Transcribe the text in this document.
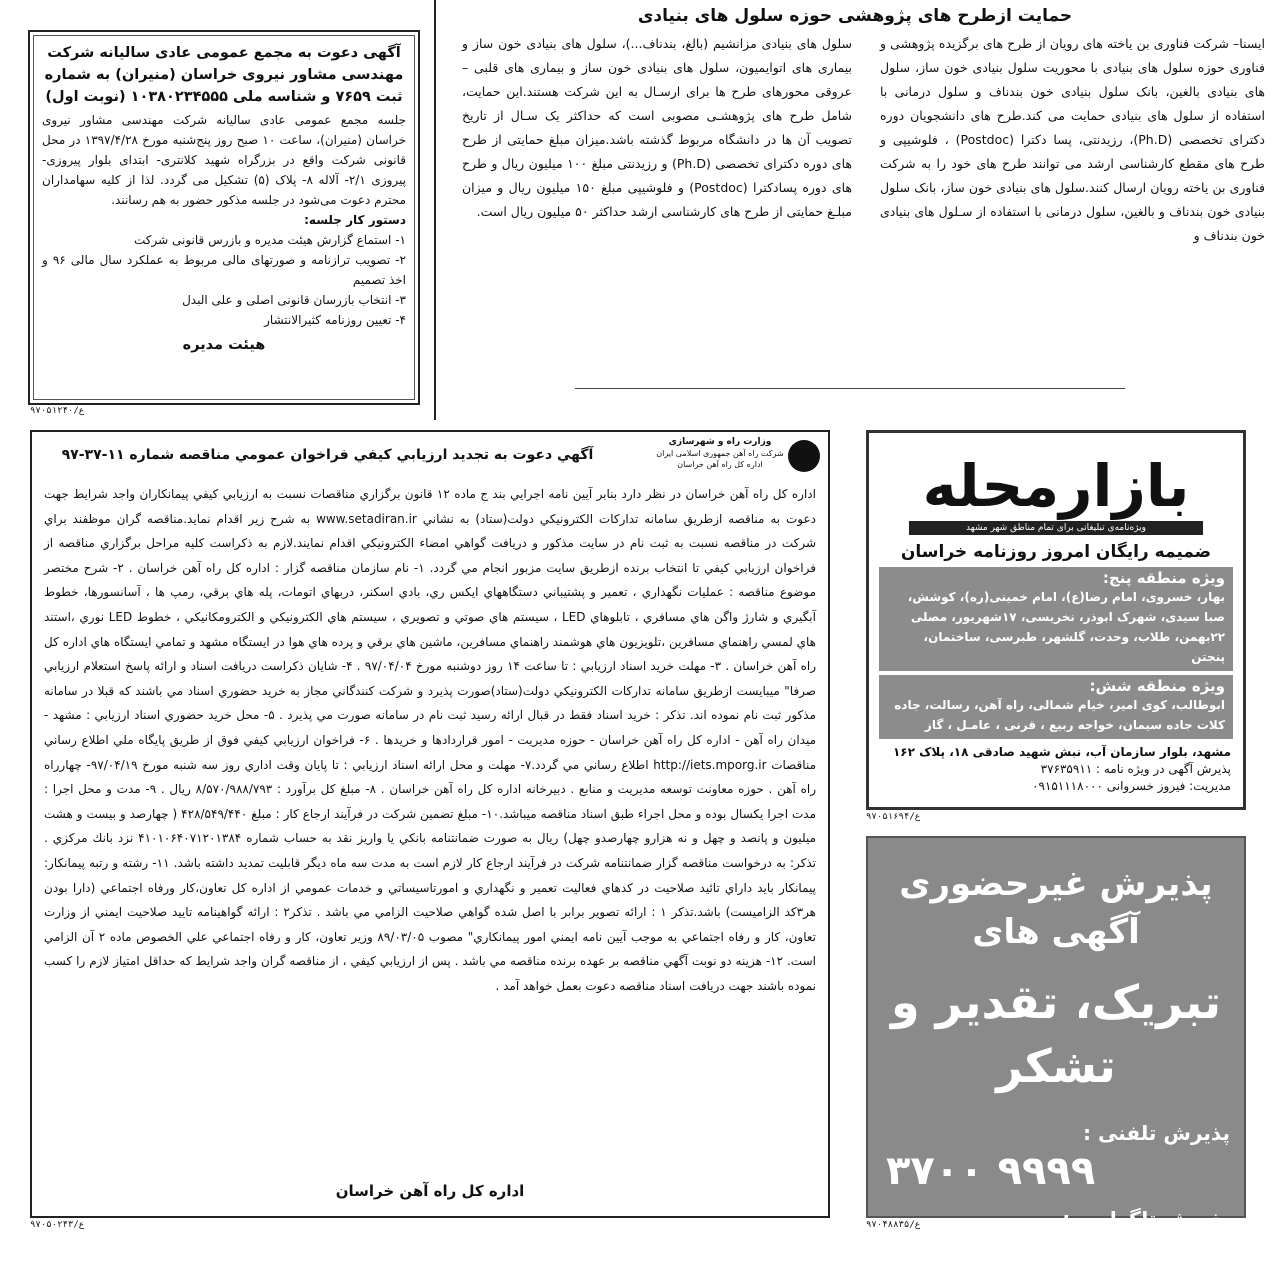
حمایت ازطرح های پژوهشی حوزه سلول های بنیادی
ایسنا– شرکت فناوری بن یاخته های رویان از طرح های برگزیده پژوهشی و فناوری حوزه سلول های بنیادی با محوریت سلول بنیادی خون ساز، سلول های بنیادی بالغین، بانک سلول بنیادی خون بندناف و سلول درمانی با استفاده از سلول های بنیادی حمایت می کند.طرح های دانشجویان دوره دکترای تخصصی (Ph.D)، رزیدنتی، پسا دکترا (Postdoc) ، فلوشیپی و طرح های مقطع کارشناسی ارشد می توانند طرح های خود را به شرکت فناوری بن یاخته رویان ارسال کنند.سلول های بنیادی خون ساز، بانک سلول بنیادی خون بندناف و بالغین، سلول درمانی با استفاده از سـلول های بنیادی خون بندناف و
سلول های بنیادی مزانشیم (بالغ، بندناف...)، سلول های بنیادی خون ساز و بیماری های اتوایمیون، سلول های بنیادی خون ساز و بیماری های قلبی –عروقی محورهای طرح ها برای ارسـال به این شرکت هستند.این حمایت، شامل طرح های پژوهشـی مصوبی است که حداکثر یک سـال از تاریخ تصویب آن ها در دانشگاه مربوط گذشته باشد.میزان مبلغ حمایتی از طرح های دوره دکترای تخصصی (Ph.D) و رزیدنتی مبلغ ۱۰۰ میلیون ریال و طرح های دوره پسادکترا (Postdoc) و فلوشیپی مبلغ ۱۵۰ میلیون ریال و میزان مبلـغ حمایتی از طرح های کارشناسی ارشد حداکثر ۵۰ میلیون ریال است.
آگهی دعوت به مجمع عمومی عادی سالیانه شرکت مهندسی مشاور نیروی خراسان (منیران) به شماره ثبت ۷۶۵۹ و شناسه ملی ۱۰۳۸۰۲۳۴۵۵۵ (نوبت اول)
جلسه مجمع عمومی عادی سالیانه شرکت مهندسی مشاور نیروی خراسان (منیران)، ساعت ۱۰ صبح روز پنج‌شنبه مورخ ۱۳۹۷/۴/۲۸ در محل قانونی شرکت واقع در بزرگراه شهید کلانتری- ابتدای بلوار پیروزی- پیروزی ۲/۱- آلاله ۸- پلاک (۵) تشکیل می گردد. لذا از کلیه سهامداران محترم دعوت می‌شود در جلسه مذکور حضور به هم رسانند.
دستور کار جلسه:
۱- استماع گزارش هیئت مدیره و بازرس قانونی شرکت
۲- تصویب ترازنامه و صورتهای مالی مربوط به عملکرد سال مالی ۹۶ و اخذ تصمیم
۳- انتخاب بازرسان قانونی اصلی و علی البدل
۴- تعیین روزنامه کثیرالانتشار
هیئت مدیره
۹۷۰۵۱۲۴۰/ع
وزارت راه و شهرسازی
شرکت راه آهن جمهوری اسلامی ایران
اداره کل راه آهن خراسان
آگهي دعوت به تجديد ارزيابي كيفي فراخوان عمومي مناقصه شماره ۱۱-۳۷-۹۷
اداره كل راه آهن خراسان در نظر دارد بنابر آیين نامه اجرايي بند ج ماده ۱۲ قانون برگزاري مناقصات نسبت به ارزيابي كيفي پيمانكاران واجد شرايط جهت دعوت به مناقصه ازطريق سامانه تداركات الكترونيكي دولت(ستاد) به نشاني www.setadiran.ir به شرح زير اقدام نمايد.مناقصه گران موظفند براي شركت در مناقصه نسبت به ثبت نام در سايت مذكور و دريافت گواهي امضاء الكترونيكي اقدام نمايند.لازم به ذكراست كليه مراحل برگزاري مناقصه از فراخوان ارزيابي كيفي تا انتخاب برنده ازطريق سايت مزبور انجام مي گردد. ۱- نام سازمان مناقصه گزار : اداره كل راه آهن خراسان . ۲- شرح مختصر موضوع مناقصه : عمليات نگهداري ، تعمير و پشتيباني دستگاههاي ايكس ري، بادي اسكنر، دربهاي اتومات، پله هاي برقي، رمپ ها ، آسانسورها، خطوط آبگيري و شارژ واگن هاي مسافري ، تابلوهاي LED ، سيستم هاي صوتي و تصويري ، سيستم هاي الكترونيكي و الكترومكانيكي ، خطوط LED نوري ،استند هاي لمسي راهنماي مسافرين ،تلويزيون هاي هوشمند راهنماي مسافرين، ماشين هاي برقي و پرده هاي هوا در ايستگاه مشهد و تمامي ايستگاه هاي اداره كل راه آهن خراسان . ۳- مهلت خريد اسناد ارزيابي : تا ساعت ۱۴ روز دوشنبه مورخ ۹۷/۰۴/۰۴ . ۴- شايان ذكراست دريافت اسناد و ارائه پاسخ استعلام ارزيابي صرفا" ميبايست ازطريق سامانه تداركات الكترونيكي دولت(ستاد)صورت پذيرد و شركت كنندگاني مجاز به خريد حضوري اسناد مي باشند كه قبلا در سامانه مذكور ثبت نام نموده اند. تذكر : خريد اسناد فقط در قبال ارائه رسيد ثبت نام در سامانه صورت مي پذيرد . ۵- محل خريد حضوري اسناد ارزيابي : مشهد - ميدان راه آهن - اداره كل راه آهن خراسان - حوزه مديريت - امور قراردادها و خريدها . ۶- فراخوان ارزيابي كيفي فوق از طريق پايگاه ملي اطلاع رساني مناقصات http://iets.mporg.ir اطلاع رساني مي گردد.۷- مهلت و محل ارائه اسناد ارزيابي : تا پايان وقت اداري روز سه شنبه مورخ ۹۷/۰۴/۱۹- چهارراه راه آهن . حوزه معاونت توسعه مديريت و منابع . دبيرخانه اداره كل راه آهن خراسان . ۸- مبلغ كل برآورد : ۸/۵۷۰/۹۸۸/۷۹۳ ريال . ۹- مدت و محل اجرا : مدت اجرا يكسال بوده و محل اجراء طبق اسناد مناقصه ميباشد.۱۰- مبلغ تضمين شركت در فرآيند ارجاع كار : مبلغ ۴۲۸/۵۴۹/۴۴۰ ( چهارصد و بيست و هشت ميليون و پانصد و چهل و نه هزارو چهارصدو چهل) ريال به صورت ضمانتنامه بانكي يا واريز نقد به حساب شماره ۴۱۰۱۰۶۴۰۷۱۲۰۱۳۸۴ نزد بانك مركزي . تذكر: به درخواست مناقصه گزار ضمانتنامه شركت در فرآيند ارجاع كار لازم است به مدت سه ماه ديگر قابليت تمديد داشته باشد. ۱۱- رشته و رتبه پيمانكار: پيمانكار بايد داراي تائيد صلاحيت در كدهاي فعاليت تعمير و نگهداري و امورتاسيساتي و خدمات عمومي از اداره كل تعاون،كار ورفاه اجتماعي (دارا بودن هر۳كد الزاميست) باشد.تذكر ۱ : ارائه تصوير برابر با اصل شده گواهي صلاحيت الزامي مي باشد . تذكر۲ : ارائه گواهينامه تاييد صلاحيت ايمني از وزارت تعاون، كار و رفاه اجتماعي به موجب آيين نامه ايمني امور پيمانكاري" مصوب ۸۹/۰۳/۰۵ وزير تعاون، كار و رفاه اجتماعي علي الخصوص ماده ۲ آن الزامي است. ۱۲- هزينه دو نوبت آگهي مناقصه بر عهده برنده مناقصه مي باشد . پس از ارزيابي كيفي ، از مناقصه گران واجد شرايط كه حداقل امتياز لازم را كسب نموده باشند جهت دريافت اسناد مناقصه دعوت بعمل خواهد آمد .
اداره كل راه آهن خراسان
۹۷۰۵۰۲۴۳/ع
بازارمحله
ویژه‌نامه‌ی تبلیغاتی برای تمام مناطق شهر مشهد
ضمیمه رایگان امروز روزنامه خراسان
ویژه منطقه پنج:
بهار، خسروی، امام رضا(ع)، امام خمینی(ره)، کوشش، صبا سیدی، شهرک ابوذر، نخریسی، ۱۷شهریور، مصلی ۲۲بهمن، طلاب، وحدت، گلشهر، طبرسی، ساختمان، پنجتن
ویژه منطقه شش:
ابوطالب، کوی امیر، خیام شمالی، راه آهن، رسالت، جاده کلات جاده سیمان، خواجه ربیع ، قرنی ، عامـل ، گاز
مشهد، بلوار سازمان آب، نبش شهید صادقی ۱۸، پلاک ۱۶۲
پذیرش آگهی در ویژه نامه : ۳۷۶۳۵۹۱۱
مدیریت: فیروز خسروانی ۰۹۱۵۱۱۱۸۰۰۰
۹۷۰۵۱۶۹۴/ع
پذیرش غیرحضوری آگهی های
تبریک، تقدیر و تشکر
پذیرش تلفنی :
۳۷۰۰ ۹۹۹۹
پذیرش تلگرامی :
۰۹۱۵۴۷۱۱۳۰۰
۹۷۰۴۸۸۳۵/ع
